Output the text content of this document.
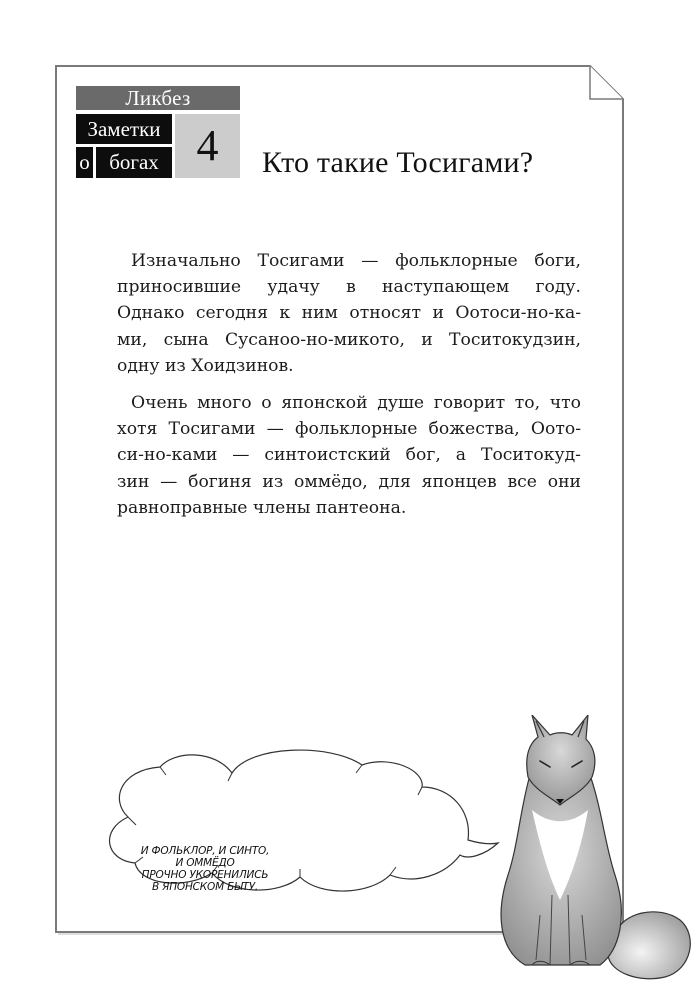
Ликбез
Заметки
о богах 4	Кто такие Тосигами?

Изначально Тосигами — фольклорные боги,
приносившие удачу в наступающем году.
Однако сегодня к ним относят и Оотоси-но-ка-
ми, сына Сусаноо-но-микото, и Тоситокудзин,
одну из Хоидзинов.

Очень много о японской душе говорит то, что
хотя Тосигами — фольклорные божества, Оото-
си-но-ками — синтоистский бог, а Тоситокуд-
зин — богиня из оммёдо, для японцев все они
равноправные члены пантеона.

И ФОЛЬКЛОР, И СИНТО,
И ОММЁДО
ПРОЧНО УКОРЕНИЛИСЬ
В ЯПОНСКОМ БЫТУ.
